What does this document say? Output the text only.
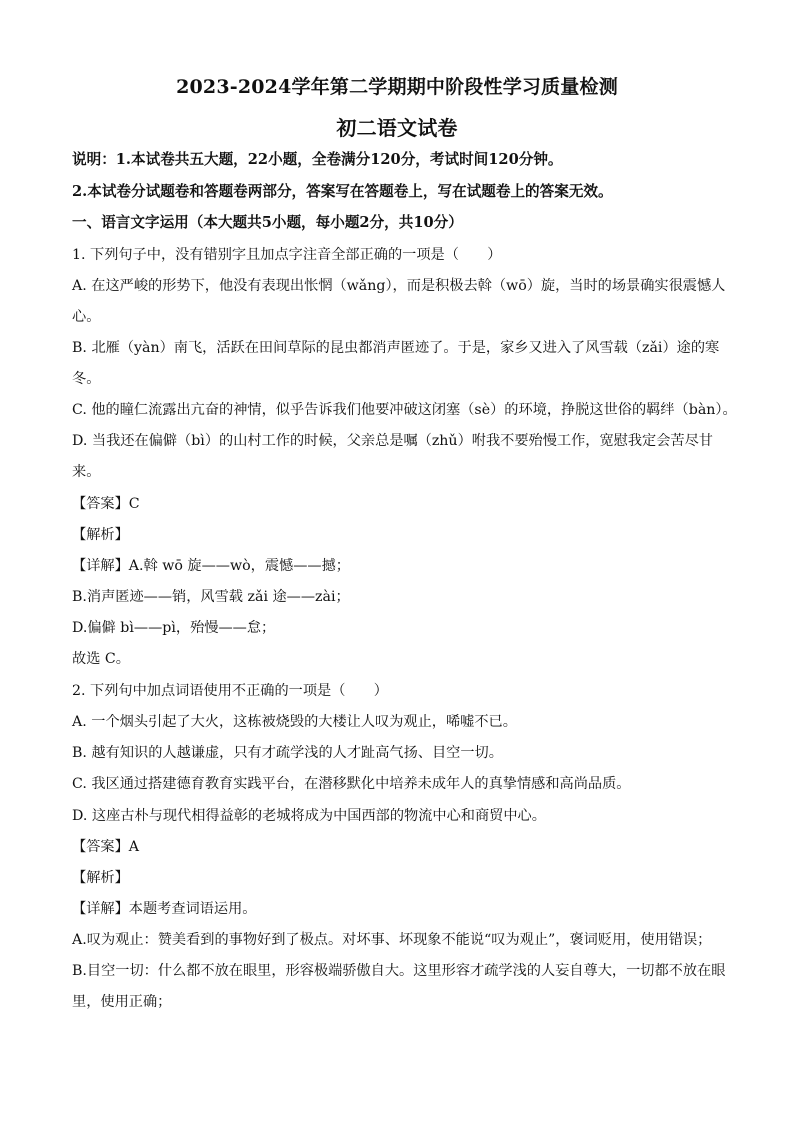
2023-2024学年第二学期期中阶段性学习质量检测
初二语文试卷
说明：1.本试卷共五大题，22小题，全卷满分120分，考试时间120分钟。
2.本试卷分试题卷和答题卷两部分，答案写在答题卷上，写在试题卷上的答案无效。
一、语言文字运用（本大题共5小题，每小题2分，共10分）
1. 下列句子中，没有错别字且加点字注音全部正确的一项是（　　）
A. 在这严峻的形势下，他没有表现出怅惘（wǎng），而是积极去斡（wō）旋，当时的场景确实很震憾人
心。
B. 北雁（yàn）南飞，活跃在田间草际的昆虫都消声匿迹了。于是，家乡又进入了风雪载（zǎi）途的寒
冬。
C. 他的瞳仁流露出亢奋的神情，似乎告诉我们他要冲破这闭塞（sè）的环境，挣脱这世俗的羁绊（bàn）。
D. 当我还在偏僻（bì）的山村工作的时候，父亲总是嘱（zhǔ）咐我不要殆慢工作，宽慰我定会苦尽甘
来。
【答案】C
【解析】
【详解】A.斡 wō 旋——wò，震憾——撼；
B.消声匿迹——销，风雪载 zǎi 途——zài；
D.偏僻 bì——pì，殆慢——怠；
故选 C。
2. 下列句中加点词语使用不正确的一项是（　　）
A. 一个烟头引起了大火，这栋被烧毁的大楼让人叹为观止，唏嘘不已。
B. 越有知识的人越谦虚，只有才疏学浅的人才趾高气扬、目空一切。
C. 我区通过搭建德育教育实践平台，在潜移默化中培养未成年人的真挚情感和高尚品质。
D. 这座古朴与现代相得益彰的老城将成为中国西部的物流中心和商贸中心。
【答案】A
【解析】
【详解】本题考查词语运用。
A.叹为观止：赞美看到的事物好到了极点。对坏事、坏现象不能说“叹为观止”，褒词贬用，使用错误；
B.目空一切：什么都不放在眼里，形容极端骄傲自大。这里形容才疏学浅的人妄自尊大，一切都不放在眼
里，使用正确；
